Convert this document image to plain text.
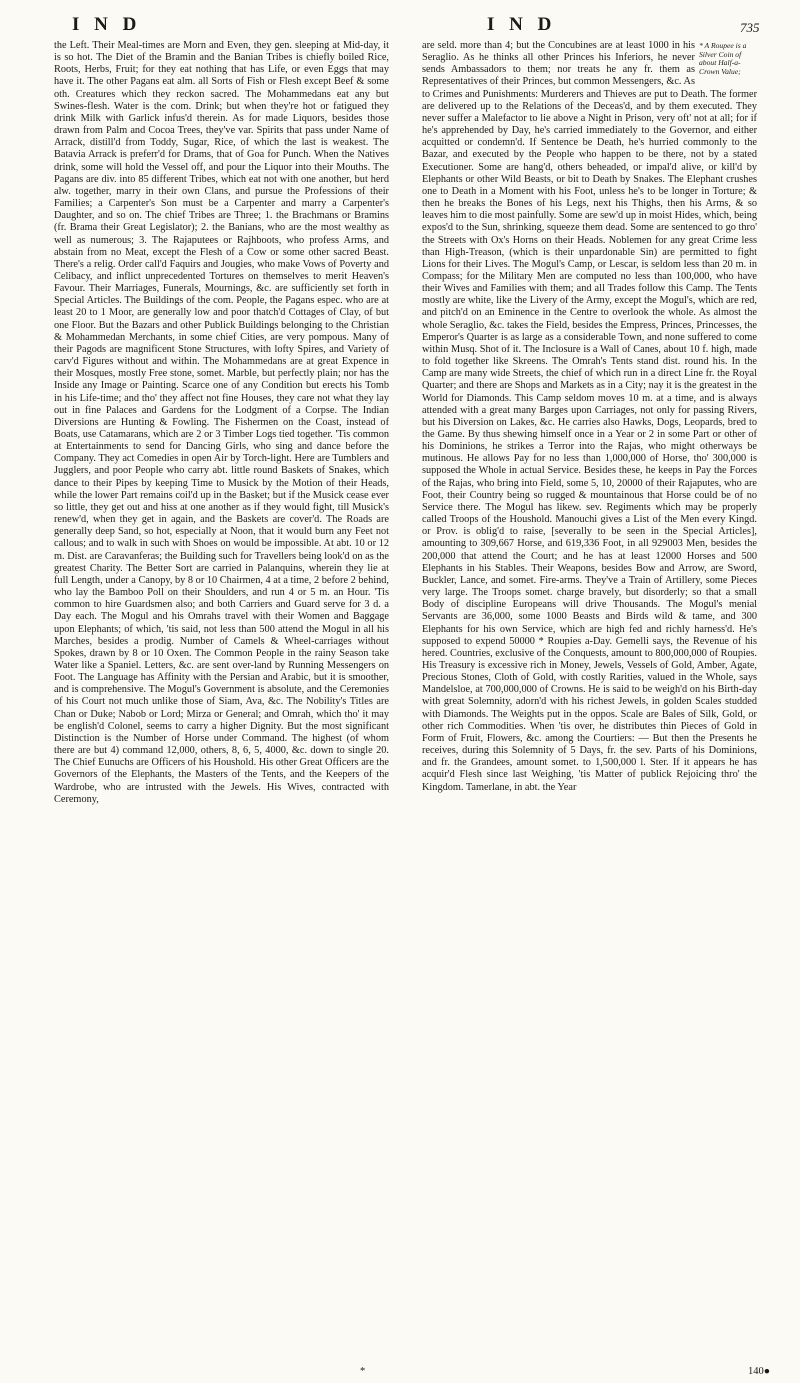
I N D	I N D	735

the Left. Their Meal-times are Morn and Even, they gen. sleeping at Mid-day, it is so hot. The Diet of the Bramin and the Banian Tribes is chiefly boiled Rice, Roots, Herbs, Fruit; for they eat nothing that has Life, or even Eggs that may have it. The other Pagans eat alm. all Sorts of Fish or Flesh except Beef & some oth. Creatures which they reckon sacred. The Mohammedans eat any but Swines-flesh. Water is the com. Drink; but when they're hot or fatigued they drink Milk with Garlick infus'd therein. As for made Liquors, besides those drawn from Palm and Cocoa Trees, they've var. Spirits that pass under Name of Arrack, distill'd from Toddy, Sugar, Rice, of which the last is weakest. The Batavia Arrack is preferr'd for Drams, that of Goa for Punch. When the Natives drink, some will hold the Vessel off, and pour the Liquor into their Mouths. The Pagans are div. into 85 different Tribes, which eat not with one another, but herd alw. together, marry in their own Clans, and pursue the Professions of their Families; a Carpenter's Son must be a Carpenter and marry a Carpenter's Daughter, and so on. The chief Tribes are Three; 1. the Brachmans or Bramins (fr. Brama their Great Legislator); 2. the Banians, who are the most wealthy as well as numerous; 3. The Rajaputees or Rajhboots, who profess Arms, and abstain from no Meat, except the Flesh of a Cow or some other sacred Beast. There's a relig. Order call'd Faquirs and Jougies, who make Vows of Poverty and Celibacy, and inflict unprecedented Tortures on themselves to merit Heaven's Favour. Their Marriages, Funerals, Mournings, &c. are sufficiently set forth in Special Articles. The Buildings of the com. People, the Pagans espec. who are at least 20 to 1 Moor, are generally low and poor thatch'd Cottages of Clay, of but one Floor. But the Bazars and other Publick Buildings belonging to the Christian & Mohammedan Merchants, in some chief Cities, are very pompous. Many of their Pagods are magnificent Stone Structures, with lofty Spires, and Variety of carv'd Figures without and within. The Mohammedans are at great Expence in their Mosques, mostly Free stone, somet. Marble, but perfectly plain; nor has the Inside any Image or Painting. Scarce one of any Condition but erects his Tomb in his Life-time; and tho' they affect not fine Houses, they care not what they lay out in fine Palaces and Gardens for the Lodgment of a Corpse. The Indian Diversions are Hunting & Fowling. The Fishermen on the Coast, instead of Boats, use Catamarans, which are 2 or 3 Timber Logs tied together. 'Tis common at Entertainments to send for Dancing Girls, who sing and dance before the Company. They act Comedies in open Air by Torch-light. Here are Tumblers and Jugglers, and poor People who carry abt. little round Baskets of Snakes, which dance to their Pipes by keeping Time to Musick by the Motion of their Heads, while the lower Part remains coil'd up in the Basket; but if the Musick cease ever so little, they get out and hiss at one another as if they would fight, till Musick's renew'd, when they get in again, and the Baskets are cover'd. The Roads are generally deep Sand, so hot, especially at Noon, that it would burn any Feet not callous; and to walk in such with Shoes on would be impossible. At abt. 10 or 12 m. Dist. are Caravanferas; the Building such for Travellers being look'd on as the greatest Charity. The Better Sort are carried in Palanquins, wherein they lie at full Length, under a Canopy, by 8 or 10 Chairmen, 4 at a time, 2 before 2 behind, who lay the Bamboo Poll on their Shoulders, and run 4 or 5 m. an Hour. 'Tis common to hire Guardsmen also; and both Carriers and Guard serve for 3 d. a Day each. The Mogul and his Omrahs travel with their Women and Baggage upon Elephants; of which, 'tis said, not less than 500 attend the Mogul in all his Marches, besides a prodig. Number of Camels & Wheel-carriages without Spokes, drawn by 8 or 10 Oxen. The Common People in the rainy Season take Water like a Spaniel. Letters, &c. are sent over-land by Running Messengers on Foot. The Language has Affinity with the Persian and Arabic, but it is smoother, and is comprehensive. The Mogul's Government is absolute, and the Ceremonies of his Court not much unlike those of Siam, Ava, &c. The Nobility's Titles are Chan or Duke; Nabob or Lord; Mirza or General; and Omrah, which tho' it may be english'd Colonel, seems to carry a higher Dignity. But the most significant Distinction is the Number of Horse under Command. The highest (of whom there are but 4) command 12,000, others, 8, 6, 5, 4000, &c. down to single 20. The Chief Eunuchs are Officers of his Houshold. His other Great Officers are the Governors of the Elephants, the Masters of the Tents, and the Keepers of the Wardrobe, who are intrusted with the Jewels. His Wives, contracted with Ceremony,

* A Roupee is a Silver Coin of about Half-a-Crown Value;

are seld. more than 4; but the Concubines are at least 1000 in his Seraglio. As he thinks all other Princes his Inferiors, he never sends Ambassadors to them; nor treats he any fr. them as Representatives of their Princes, but common Messengers, &c. As to Crimes and Punishments: Murderers and Thieves are put to Death. The former are delivered up to the Relations of the Deceas'd, and by them executed. They never suffer a Malefactor to lie above a Night in Prison, very oft' not at all; for if he's apprehended by Day, he's carried immediately to the Governor, and either acquitted or condemn'd. If Sentence be Death, he's hurried commonly to the Bazar, and executed by the People who happen to be there, not by a stated Executioner. Some are hang'd, others beheaded, or impal'd alive, or kill'd by Elephants or other Wild Beasts, or bit to Death by Snakes. The Elephant crushes one to Death in a Moment with his Foot, unless he's to be longer in Torture; & then he breaks the Bones of his Legs, next his Thighs, then his Arms, & so leaves him to die most painfully. Some are sew'd up in moist Hides, which, being expos'd to the Sun, shrinking, squeeze them dead. Some are sentenced to go thro' the Streets with Ox's Horns on their Heads. Noblemen for any great Crime less than High-Treason, (which is their unpardonable Sin) are permitted to fight Lions for their Lives. The Mogul's Camp, or Lescar, is seldom less than 20 m. in Compass; for the Military Men are computed no less than 100,000, who have their Wives and Families with them; and all Trades follow this Camp. The Tents mostly are white, like the Livery of the Army, except the Mogul's, which are red, and pitch'd on an Eminence in the Centre to overlook the whole. As almost the whole Seraglio, &c. takes the Field, besides the Empress, Princes, Princesses, the Emperor's Quarter is as large as a considerable Town, and none suffered to come within Musq. Shot of it. The Inclosure is a Wall of Canes, about 10 f. high, made to fold together like Skreens. The Omrah's Tents stand dist. round his. In the Camp are many wide Streets, the chief of which run in a direct Line fr. the Royal Quarter; and there are Shops and Markets as in a City; nay it is the greatest in the World for Diamonds. This Camp seldom moves 10 m. at a time, and is always attended with a great many Barges upon Carriages, not only for passing Rivers, but his Diversion on Lakes, &c. He carries also Hawks, Dogs, Leopards, bred to the Game. By thus shewing himself once in a Year or 2 in some Part or other of his Dominions, he strikes a Terror into the Rajas, who might otherways be mutinous. He allows Pay for no less than 1,000,000 of Horse, tho' 300,000 is supposed the Whole in actual Service. Besides these, he keeps in Pay the Forces of the Rajas, who bring into Field, some 5, 10, 20000 of their Rajaputes, who are Foot, their Country being so rugged & mountainous that Horse could be of no Service there. The Mogul has likew. sev. Regiments which may be properly called Troops of the Houshold. Manouchi gives a List of the Men every Kingd. or Prov. is oblig'd to raise, [severally to be seen in the Special Articles], amounting to 309,667 Horse, and 619,336 Foot, in all 929003 Men, besides the 200,000 that attend the Court; and he has at least 12000 Horses and 500 Elephants in his Stables. Their Weapons, besides Bow and Arrow, are Sword, Buckler, Lance, and somet. Fire-arms. They've a Train of Artillery, some Pieces very large. The Troops somet. charge bravely, but disorderly; so that a small Body of discipline Europeans will drive Thousands. The Mogul's menial Servants are 36,000, some 1000 Beasts and Birds wild & tame, and 300 Elephants for his own Service, which are high fed and richly harness'd. He's supposed to expend 50000 * Roupies a-Day. Gemelli says, the Revenue of his hered. Countries, exclusive of the Conquests, amount to 800,000,000 of Roupies. His Treasury is excessive rich in Money, Jewels, Vessels of Gold, Amber, Agate, Precious Stones, Cloth of Gold, with costly Rarities, valued in the Whole, says Mandelsloe, at 700,000,000 of Crowns. He is said to be weigh'd on his Birth-day with great Solemnity, adorn'd with his richest Jewels, in golden Scales studded with Diamonds. The Weights put in the oppos. Scale are Bales of Silk, Gold, or other rich Commodities. When 'tis over, he distributes thin Pieces of Gold in Form of Fruit, Flowers, &c. among the Courtiers: — But then the Presents he receives, during this Solemnity of 5 Days, fr. the sev. Parts of his Dominions, and fr. the Grandees, amount somet. to 1,500,000 l. Ster. If it appears he has acquir'd Flesh since last Weighing, 'tis Matter of publick Rejoicing thro' the Kingdom. Tamerlane, in abt. the Year

*	140●
